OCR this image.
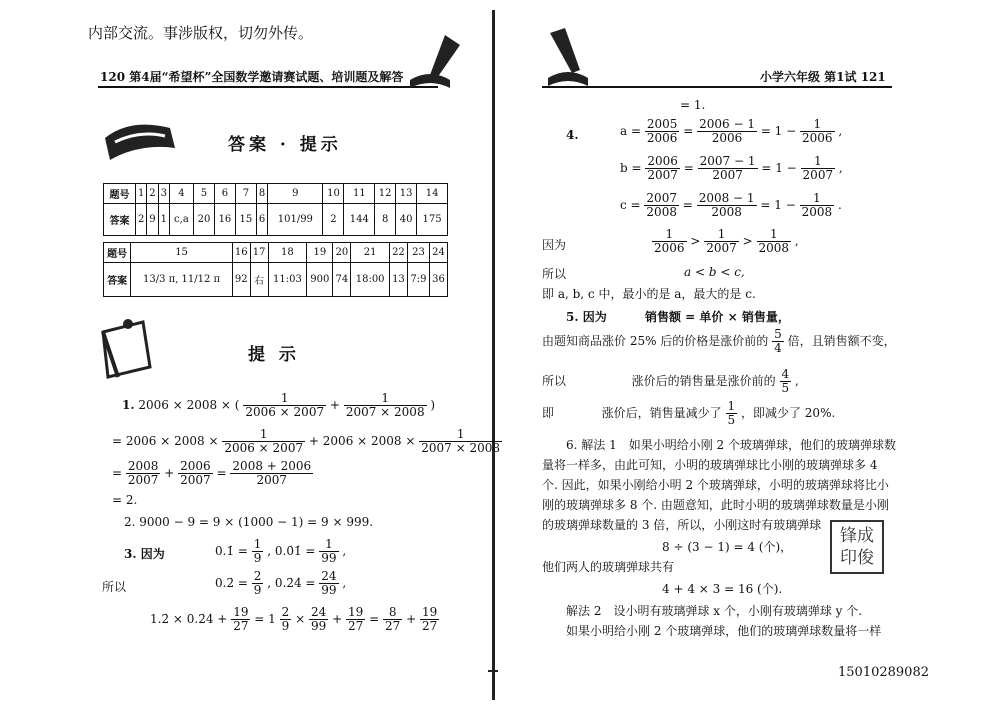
内部交流。事涉版权，切勿外传。
120 第4届“希望杯”全国数学邀请赛试题、培训题及解答	小学六年级 第1试 121
答案 · 提示
提 示
题号	1	2	3	4	5	6	7	8	9	10	11	12	13	14
答案	2	9	1	c,a	20	16	15	6	101/99	2	144	8	40	175
题号	15	16	17	18	19	20	21	22	23	24
答案	13/3 π, 11/12 π	92	右	11:03	900	74	18:00	13	7:9	36
1. 2006 × 2008 × ( $\frac{1}{2006 \times 2007} + \frac{1}{2007 \times 2008}$ )
= $2006 \times 2008 \times \frac{1}{2006 \times 2007} + 2006 \times 2008 \times \frac{1}{2007 \times 2008}$
= $\frac{2008}{2007} + \frac{2006}{2007} = \frac{2008 + 2006}{2007}$
= 2.
2. 9000 − 9 = 9 × (1000 − 1) = 9 × 999.
3. 因为	0.1̇ = $\frac{1}{9}$ , 0.0̇1̇ = $\frac{1}{99}$ ,
所以	0.2̇ = $\frac{2}{9}$ , 0.2̇4̇ = $\frac{24}{99}$ ,
1.2̇ × 0.2̇4̇ + $\frac{19}{27} = 1 \frac{2}{9} \times \frac{24}{99} + \frac{19}{27} = \frac{8}{27} + \frac{19}{27}$
= 1.
4.	$a = \frac{2005}{2006} = \frac{2006 - 1}{2006} = 1 - \frac{1}{2006}$ ,
$b = \frac{2006}{2007} = \frac{2007 - 1}{2007} = 1 - \frac{1}{2007}$ ,
$c = \frac{2007}{2008} = \frac{2008 - 1}{2008} = 1 - \frac{1}{2008}$ .
因为	$\frac{1}{2006} > \frac{1}{2007} > \frac{1}{2008}$ ,
所以	a < b < c,
即 a, b, c 中，最小的是 a，最大的是 c.
5. 因为	销售额 = 单价 × 销售量，
由题知商品涨价 25% 后的价格是涨价前的 $\frac{5}{4}$ 倍，且销售额不变，
所以	涨价后的销售量是涨价前的 $\frac{4}{5}$ ,
即	涨价后，销售量减少了 $\frac{1}{5}$ ，即减少了 20%.
6. 解法 1　如果小明给小刚 2 个玻璃弹球，他们的玻璃弹球数
量将一样多，由此可知，小明的玻璃弹球比小刚的玻璃弹球多 4
个. 因此，如果小刚给小明 2 个玻璃弹球，小明的玻璃弹球将比小
刚的玻璃弹球多 8 个. 由题意知，此时小明的玻璃弹球数量是小刚
的玻璃弹球数量的 3 倍，所以，小刚这时有玻璃弹球
8 ÷ (3 − 1) = 4 (个)，
他们两人的玻璃弹球共有
4 + 4 × 3 = 16 (个).
解法 2　设小明有玻璃弹球 x 个，小刚有玻璃弹球 y 个.
如果小明给小刚 2 个玻璃弹球，他们的玻璃弹球数量将一样
锋成印俊
15010289082
